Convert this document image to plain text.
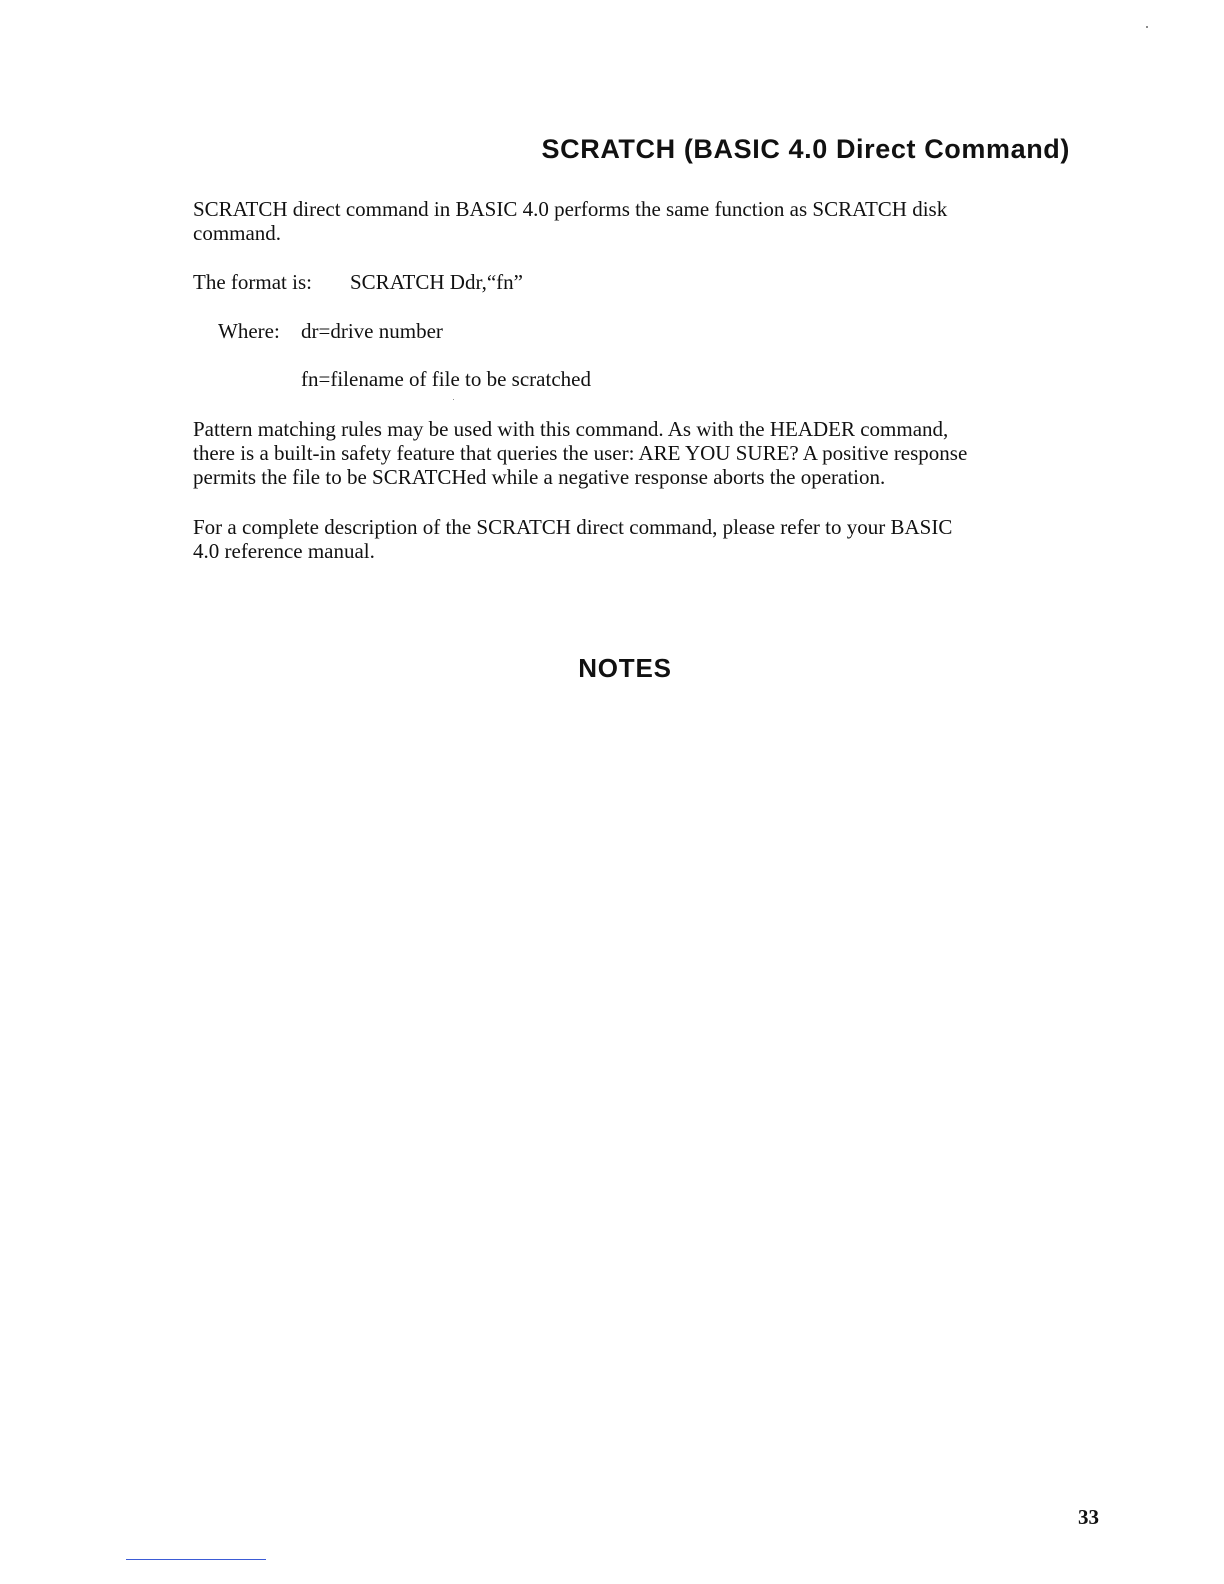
SCRATCH (BASIC 4.0 Direct Command)

SCRATCH direct command in BASIC 4.0 performs the same function as SCRATCH disk
command.

The format is: SCRATCH Ddr,“fn”
Where: dr=drive number
fn=filename of file to be scratched

Pattern matching rules may be used with this command. As with the HEADER command,
there is a built-in safety feature that queries the user: ARE YOU SURE? A positive response
permits the file to be SCRATCHed while a negative response aborts the operation.

For a complete description of the SCRATCH direct command, please refer to your BASIC
4.0 reference manual.

NOTES
33
